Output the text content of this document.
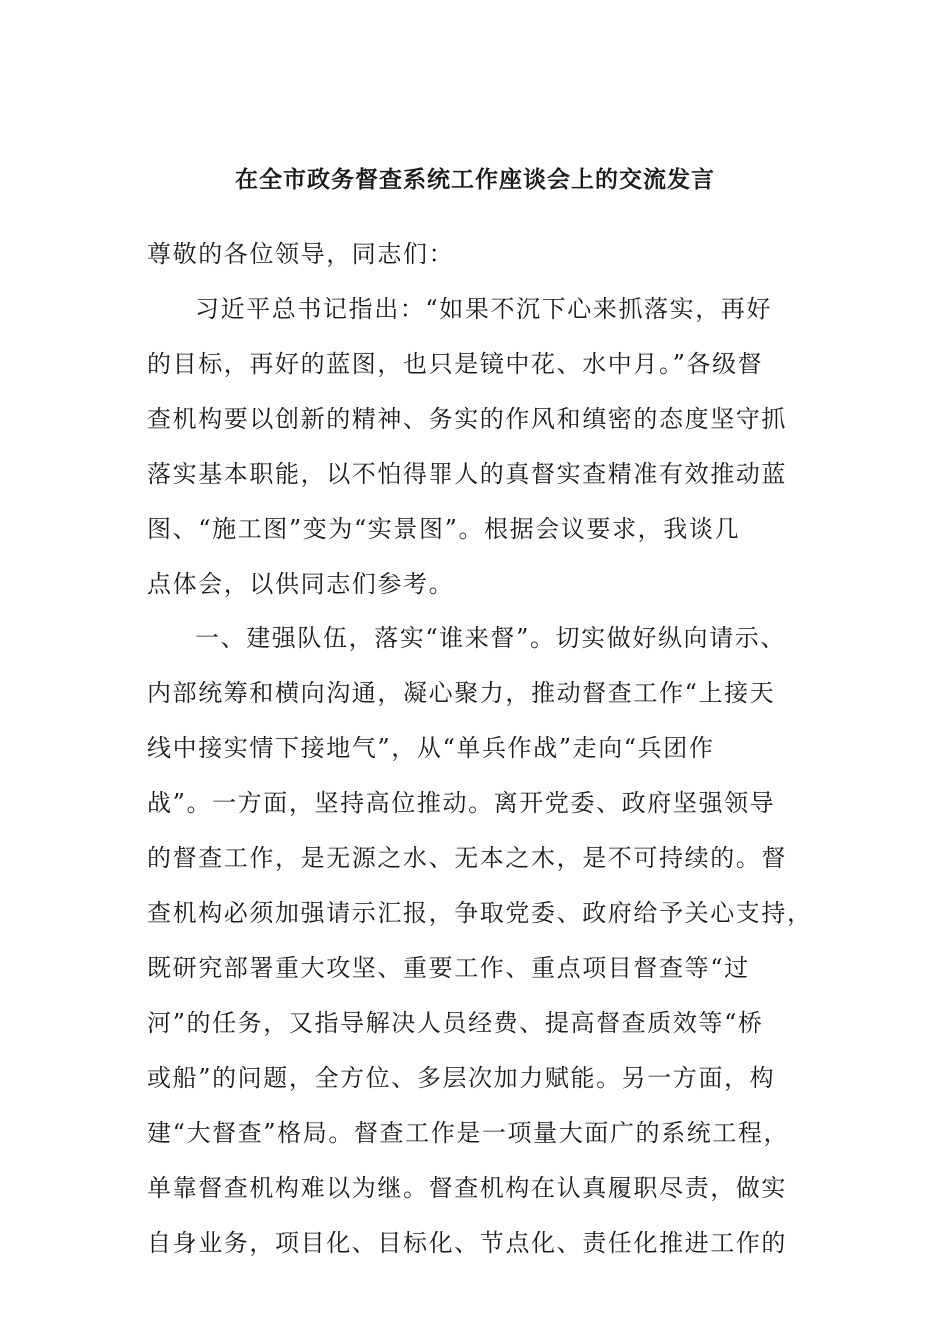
在全市政务督查系统工作座谈会上的交流发言

尊敬的各位领导，同志们：

习近平总书记指出：“如果不沉下心来抓落实，再好

的目标，再好的蓝图，也只是镜中花、水中月。”各级督

查机构要以创新的精神、务实的作风和缜密的态度坚守抓

落实基本职能，以不怕得罪人的真督实查精准有效推动蓝

图、“施工图”变为“实景图”。根据会议要求，我谈几

点体会，以供同志们参考。

一、建强队伍，落实“谁来督”。切实做好纵向请示、

内部统筹和横向沟通，凝心聚力，推动督查工作“上接天

线中接实情下接地气”，从“单兵作战”走向“兵团作

战”。一方面，坚持高位推动。离开党委、政府坚强领导

的督查工作，是无源之水、无本之木，是不可持续的。督

查机构必须加强请示汇报，争取党委、政府给予关心支持，

既研究部署重大攻坚、重要工作、重点项目督查等“过

河”的任务，又指导解决人员经费、提高督查质效等“桥

或船”的问题，全方位、多层次加力赋能。另一方面，构

建“大督查”格局。督查工作是一项量大面广的系统工程，

单靠督查机构难以为继。督查机构在认真履职尽责，做实

自身业务，项目化、目标化、节点化、责任化推进工作的
